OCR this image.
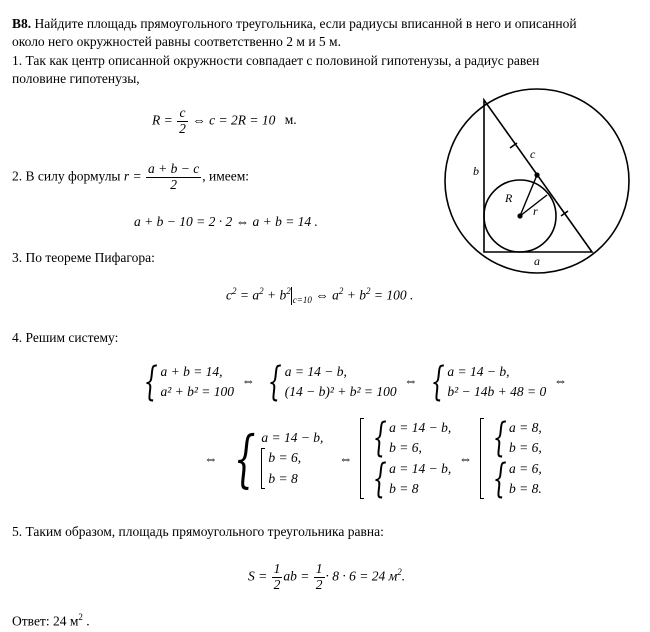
B8. Найдите площадь прямоугольного треугольника, если радиусы вписанной в него и описанной
около него окружностей равны соответственно 2 м и 5 м.
1. Так как центр описанной окружности совпадает с половиной гипотенузы, а радиус равен
половине гипотенузы,
$R = \frac{c}{2}$ ⇔ c = 2R = 10 м.
2. В силу формулы $r = \frac{a + b - c}{2}$ , имеем:
a + b − 10 = 2 · 2 ⇔ a + b = 14 .
3. По теореме Пифагора:
$c^2 = a^2 + b^2_{c=10}$ ⇔ $a^2 + b^2 = 100$ .
4. Решим систему:
{ a + b = 14,
a² + b² = 100
⇔ { a = 14 − b,
(14 − b)² + b² = 100
⇔ { a = 14 − b,
b² − 14b + 48 = 0
⇔
⇔ { a = 14 − b,
b = 6,
b = 8
⇔ { a = 14 − b,
b = 6,

{ a = 14 − b,
b = 8
⇔ { a = 8,
b = 6,

{ a = 6,
b = 8.
5. Таким образом, площадь прямоугольного треугольника равна:
$S = \frac{1}{2}$ ab = $\frac{1}{2} \cdot 8 \cdot 6 = 24$ $м^2$.
Ответ: 24 $м^2$ .
b
c
R
r
a
